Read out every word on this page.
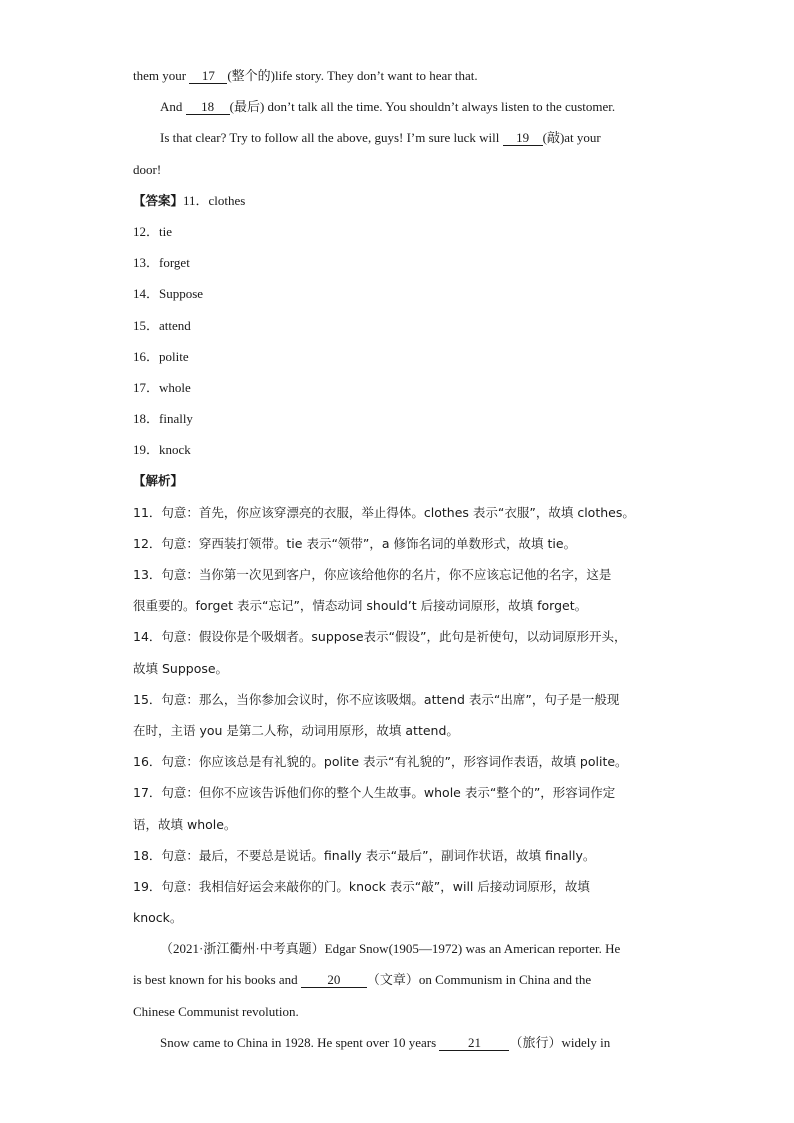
them your 17 (整个的)life story. They don’t want to hear that.
And 18 (最后) don’t talk all the time. You shouldn’t always listen to the customer.
Is that clear? Try to follow all the above, guys! I’m sure luck will 19 (敲)at your
door!
【答案】11．clothes
12．tie
13．forget
14．Suppose
15．attend
16．polite
17．whole
18．finally
19．knock
【解析】
11．句意：首先，你应该穿漂亮的衣服，举止得体。clothes 表示“衣服”，故填 clothes。
12．句意：穿西装打领带。tie 表示“领带”，a 修饰名词的单数形式，故填 tie。
13．句意：当你第一次见到客户，你应该给他你的名片，你不应该忘记他的名字，这是
很重要的。forget 表示“忘记”，情态动词 should’t 后接动词原形，故填 forget。
14．句意：假设你是个吸烟者。suppose表示“假设”，此句是祈使句，以动词原形开头，
故填 Suppose。
15．句意：那么，当你参加会议时，你不应该吸烟。attend 表示“出席”，句子是一般现
在时，主语 you 是第二人称，动词用原形，故填 attend。
16．句意：你应该总是有礼貌的。polite 表示“有礼貌的”，形容词作表语，故填 polite。
17．句意：但你不应该告诉他们你的整个人生故事。whole 表示“整个的”，形容词作定
语，故填 whole。
18．句意：最后，不要总是说话。finally 表示“最后”，副词作状语，故填 finally。
19．句意：我相信好运会来敲你的门。knock 表示“敲”，will 后接动词原形，故填
knock。
（2021·浙江衢州·中考真题）Edgar Snow(1905—1972) was an American reporter. He
is best known for his books and 20 （文章）on Communism in China and the
Chinese Communist revolution.
Snow came to China in 1928. He spent over 10 years 21 （旅行）widely in
